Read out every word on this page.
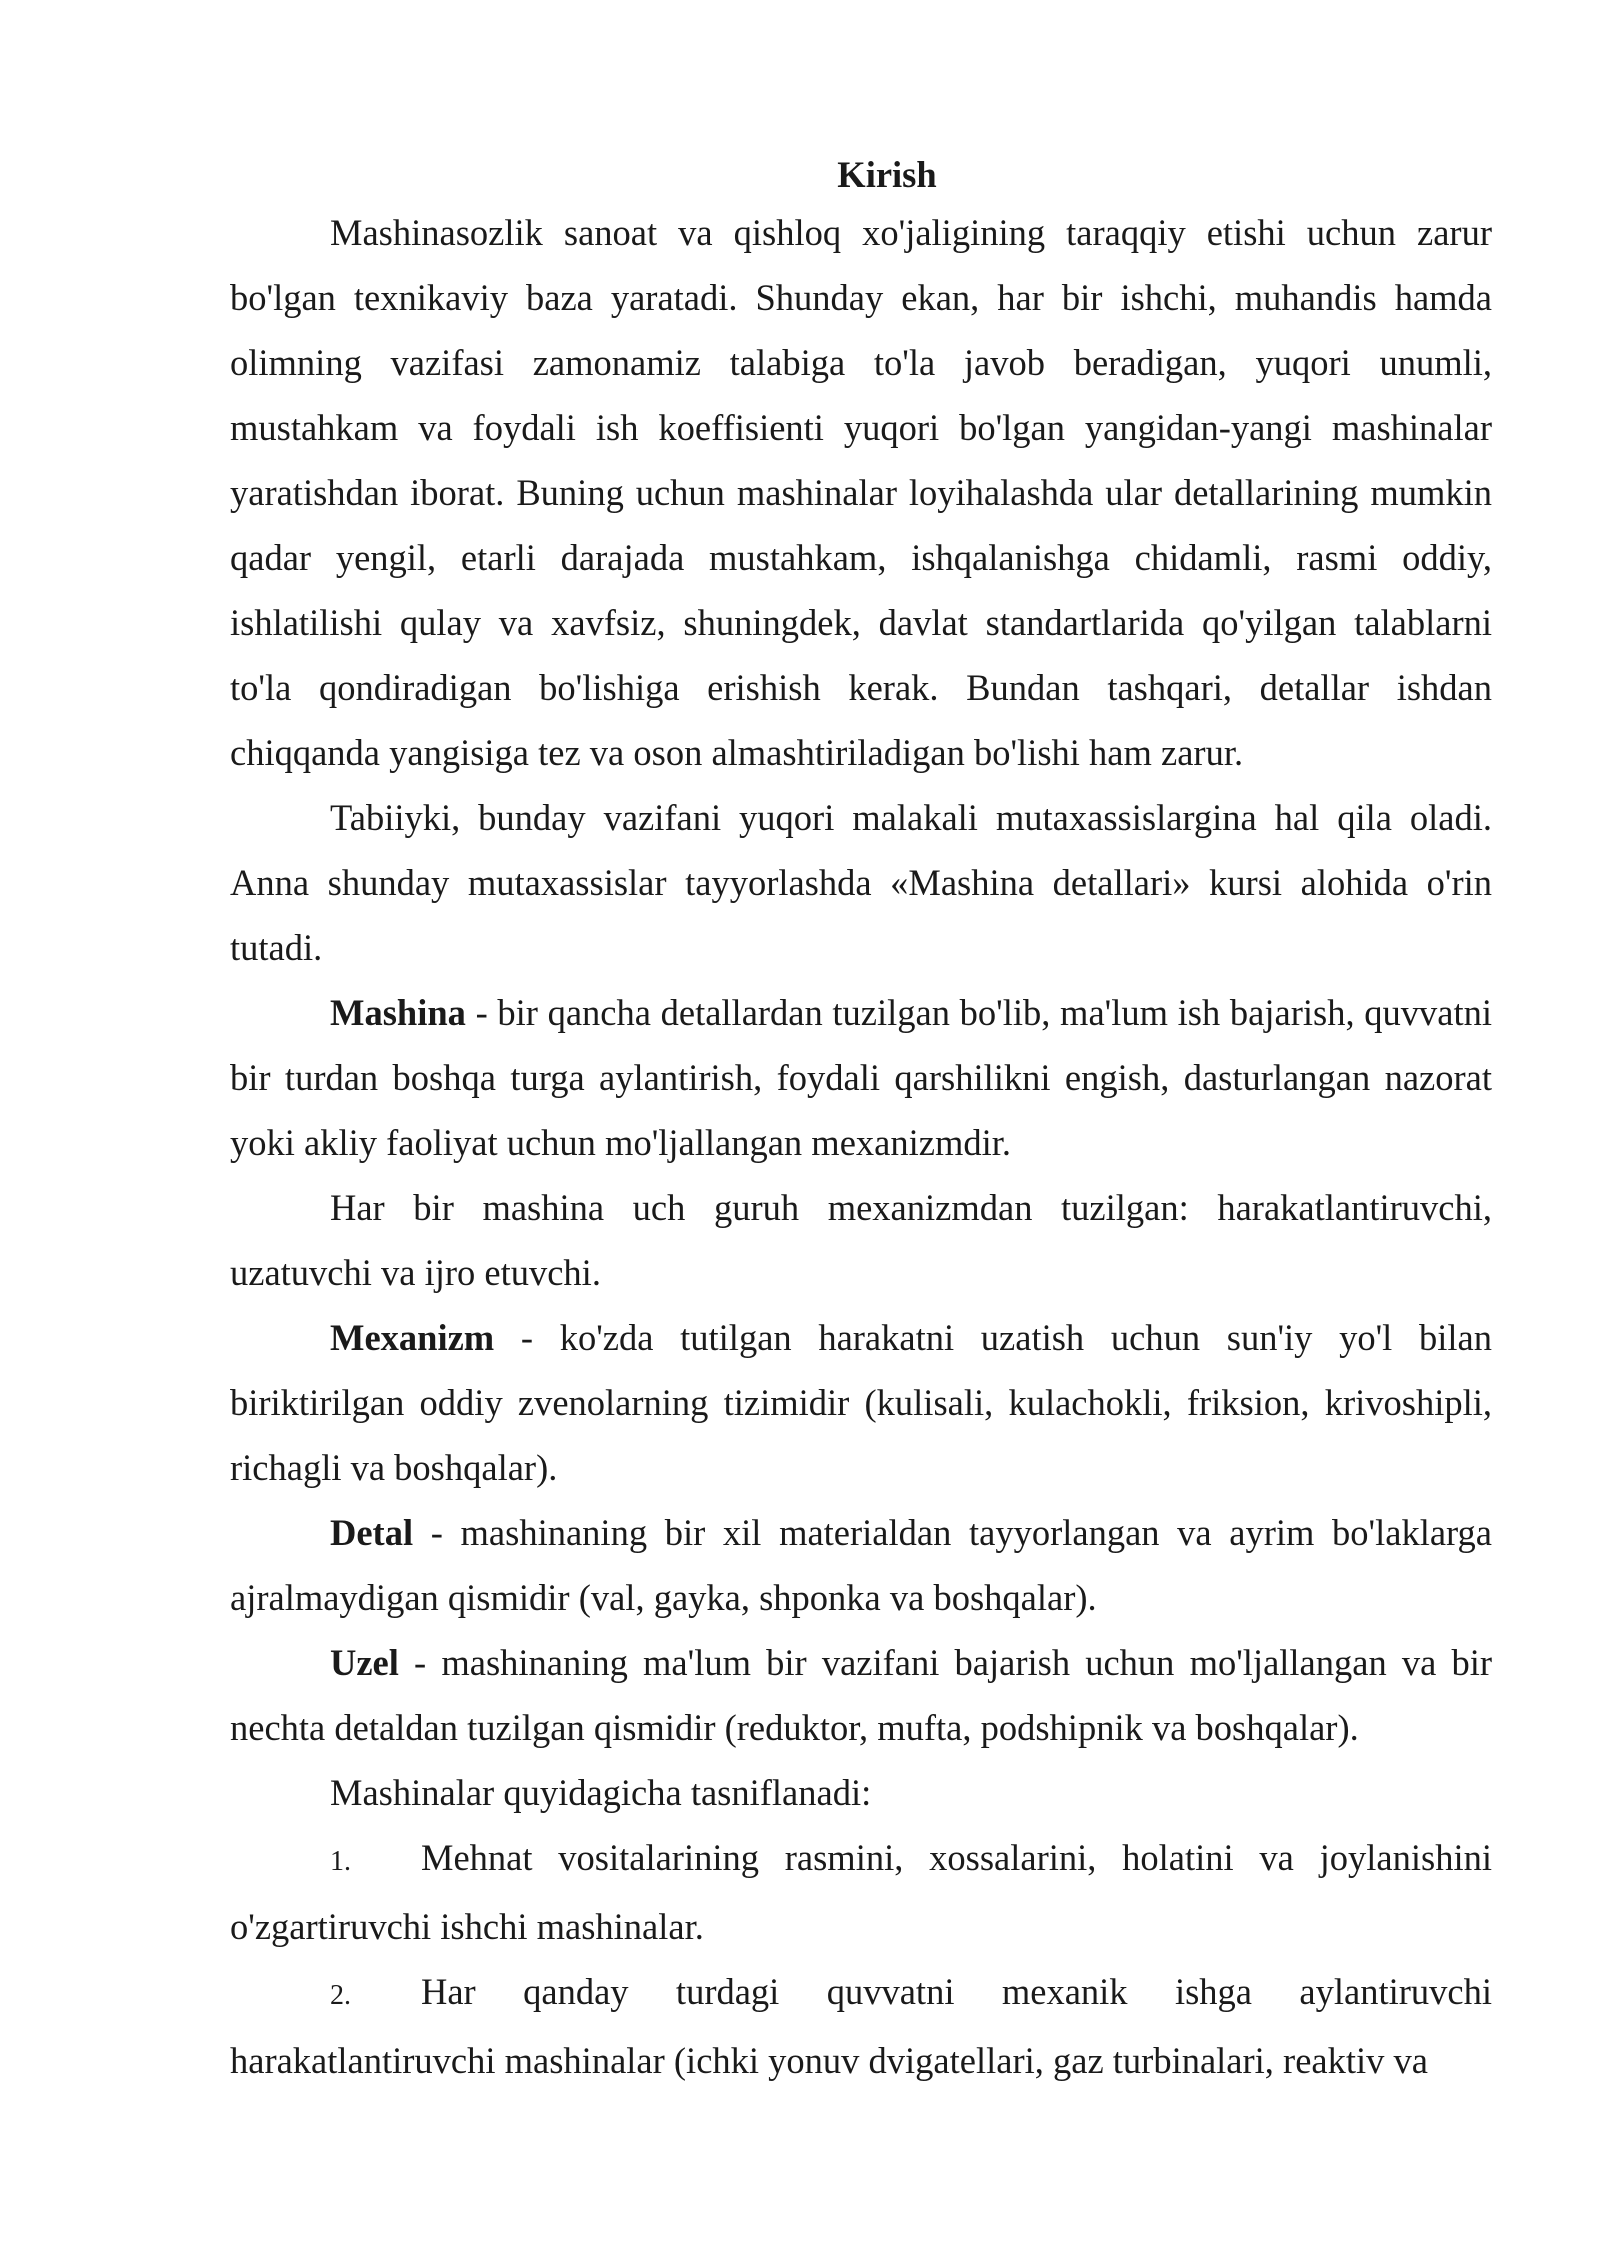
Kirish

Mashinasozlik sanoat va qishloq xo'jaligining taraqqiy etishi uchun zarur bo'lgan texnikaviy baza yaratadi. Shunday ekan, har bir ishchi, muhandis hamda olimning vazifasi zamonamiz talabiga to'la javob beradigan, yuqori unumli, mustahkam va foydali ish koeffisienti yuqori bo'lgan yangidan-yangi mashinalar yaratishdan iborat. Buning uchun mashinalar loyihalashda ular detallarining mumkin qadar yengil, etarli darajada mustahkam, ishqalanishga chidamli, rasmi oddiy, ishlatilishi qulay va xavfsiz, shuningdek, davlat standartlarida qo'yilgan talablarni to'la qondiradigan bo'lishiga erishish kerak. Bundan tashqari, detallar ishdan chiqqanda yangisiga tez va oson almashtiriladigan bo'lishi ham zarur.

Tabiiyki, bunday vazifani yuqori malakali mutaxassislargina hal qila oladi. Anna shunday mutaxassislar tayyorlashda «Mashina detallari» kursi alohida o'rin tutadi.

Mashina - bir qancha detallardan tuzilgan bo'lib, ma'lum ish bajarish, quvvatni bir turdan boshqa turga aylantirish, foydali qarshilikni engish, dasturlangan nazorat yoki akliy faoliyat uchun mo'ljallangan mexanizmdir.

Har bir mashina uch guruh mexanizmdan tuzilgan: harakatlantiruvchi, uzatuvchi va ijro etuvchi.

Mexanizm - ko'zda tutilgan harakatni uzatish uchun sun'iy yo'l bilan biriktirilgan oddiy zvenolarning tizimidir (kulisali, kulachokli, friksion, krivoshipli, richagli va boshqalar).

Detal - mashinaning bir xil materialdan tayyorlangan va ayrim bo'laklarga ajralmaydigan qismidir (val, gayka, shponka va boshqalar).

Uzel - mashinaning ma'lum bir vazifani bajarish uchun mo'ljallangan va bir nechta detaldan tuzilgan qismidir (reduktor, mufta, podshipnik va boshqalar).

Mashinalar quyidagicha tasniflanadi:

1. Mehnat vositalarining rasmini, xossalarini, holatini va joylanishini o'zgartiruvchi ishchi mashinalar.

2. Har qanday turdagi quvvatni mexanik ishga aylantiruvchi harakatlantiruvchi mashinalar (ichki yonuv dvigatellari, gaz turbinalari, reaktiv va
